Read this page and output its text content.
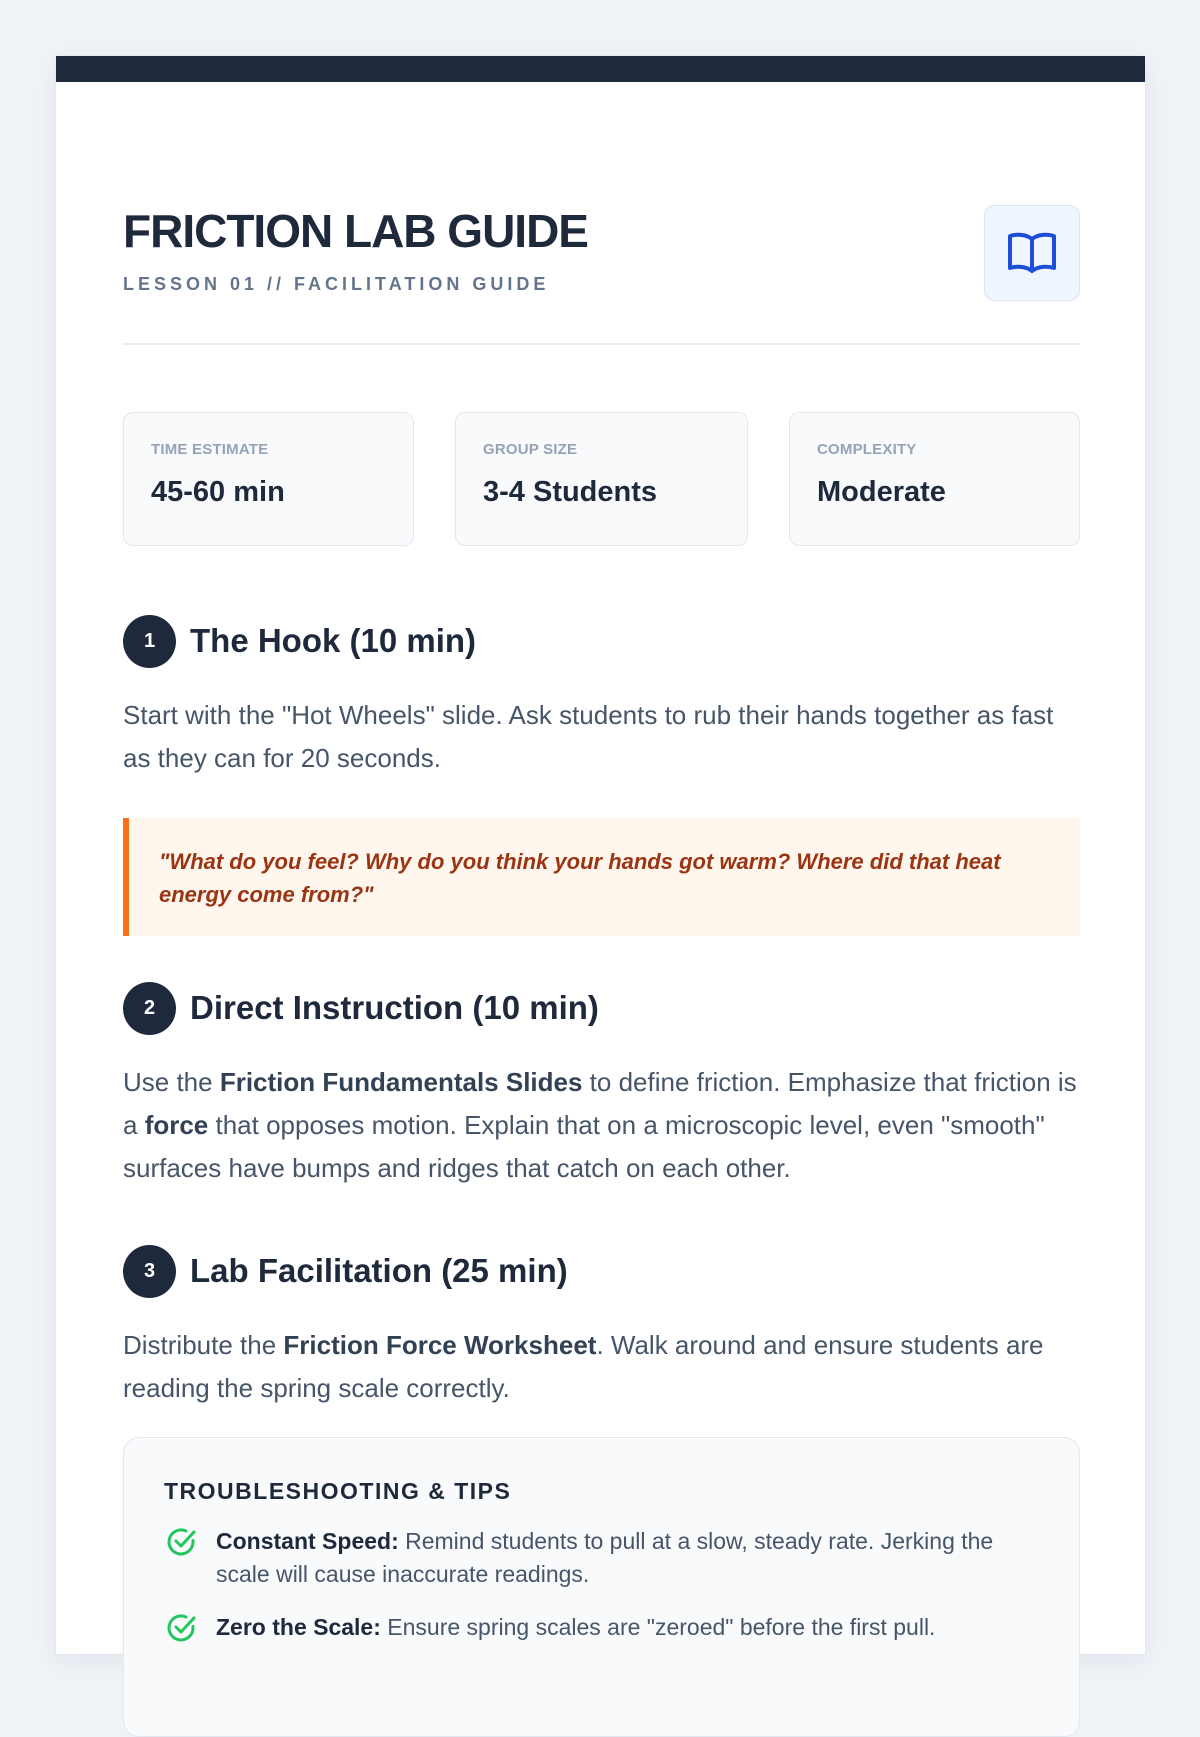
FRICTION LAB GUIDE
LESSON 01 // FACILITATION GUIDE
TIME ESTIMATE
45-60 min
GROUP SIZE
3-4 Students
COMPLEXITY
Moderate
1	The Hook (10 min)
Start with the "Hot Wheels" slide. Ask students to rub their hands together as fast as they can for 20 seconds.
"What do you feel? Why do you think your hands got warm? Where did that heat energy come from?"
2	Direct Instruction (10 min)
Use the Friction Fundamentals Slides to define friction. Emphasize that friction is a force that opposes motion. Explain that on a microscopic level, even "smooth" surfaces have bumps and ridges that catch on each other.
3	Lab Facilitation (25 min)
Distribute the Friction Force Worksheet. Walk around and ensure students are reading the spring scale correctly.
TROUBLESHOOTING & TIPS
Constant Speed: Remind students to pull at a slow, steady rate. Jerking the scale will cause inaccurate readings.
Zero the Scale: Ensure spring scales are "zeroed" before the first pull.
